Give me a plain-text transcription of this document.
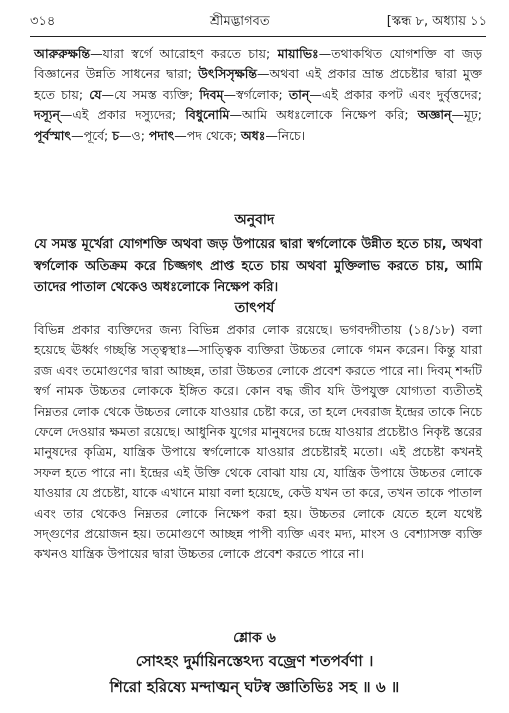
৩১৪	শ্রীমদ্ভাগবত	[স্কন্ধ ৮, অধ্যায় ১১

আরুরুক্ষন্তি—যারা স্বর্গে আরোহণ করতে চায়; মায়াভিঃ—তথাকথিত যোগশক্তি বা জড় বিজ্ঞানের উন্নতি সাধনের দ্বারা; উৎসিসৃক্ষন্তি—অথবা এই প্রকার ভ্রান্ত প্রচেষ্টার দ্বারা মুক্ত হতে চায়; যে—যে সমস্ত ব্যক্তি; দিবম্—স্বর্গলোক; তান্—এই প্রকার কপট এবং দুর্বৃত্তদের; দস্যূন্—এই প্রকার দস্যুদের; বিধুনোমি—আমি অধঃলোকে নিক্ষেপ করি; অজ্ঞান্—মূঢ়; পূর্বস্মাৎ—পূর্বে; চ—ও; পদাৎ—পদ থেকে; অধঃ—নিচে।

অনুবাদ

যে সমস্ত মূর্খেরা যোগশক্তি অথবা জড় উপায়ের দ্বারা স্বর্গলোকে উন্নীত হতে চায়, অথবা স্বর্গলোক অতিক্রম করে চিজ্জগৎ প্রাপ্ত হতে চায় অথবা মুক্তিলাভ করতে চায়, আমি তাদের পাতাল থেকেও অধঃলোকে নিক্ষেপ করি।

তাৎপর্য

বিভিন্ন প্রকার ব্যক্তিদের জন্য বিভিন্ন প্রকার লোক রয়েছে। ভগবদ্গীতায় (১৪/১৮) বলা হয়েছে ঊর্ধ্বং গচ্ছন্তি সত্ত্বস্থাঃ—সাত্ত্বিক ব্যক্তিরা উচ্চতর লোকে গমন করেন। কিন্তু যারা রজ এবং তমোগুণের দ্বারা আচ্ছন্ন, তারা উচ্চতর লোকে প্রবেশ করতে পারে না। দিবম্ শব্দটি স্বর্গ নামক উচ্চতর লোককে ইঙ্গিত করে। কোন বদ্ধ জীব যদি উপযুক্ত যোগ্যতা ব্যতীতই নিম্নতর লোক থেকে উচ্চতর লোকে যাওয়ার চেষ্টা করে, তা হলে দেবরাজ ইন্দ্রের তাকে নিচে ফেলে দেওয়ার ক্ষমতা রয়েছে। আধুনিক যুগের মানুষদের চন্দ্রে যাওয়ার প্রচেষ্টাও নিকৃষ্ট স্তরের মানুষদের কৃত্রিম, যান্ত্রিক উপায়ে স্বর্গলোকে যাওয়ার প্রচেষ্টারই মতো। এই প্রচেষ্টা কখনই সফল হতে পারে না। ইন্দ্রের এই উক্তি থেকে বোঝা যায় যে, যান্ত্রিক উপায়ে উচ্চতর লোকে যাওয়ার যে প্রচেষ্টা, যাকে এখানে মায়া বলা হয়েছে, কেউ যখন তা করে, তখন তাকে পাতাল এবং তার থেকেও নিম্নতর লোকে নিক্ষেপ করা হয়। উচ্চতর লোকে যেতে হলে যথেষ্ট সদ্গুণের প্রয়োজন হয়। তমোগুণে আচ্ছন্ন পাপী ব্যক্তি এবং মদ্য, মাংস ও বেশ্যাসক্ত ব্যক্তি কখনও যান্ত্রিক উপায়ের দ্বারা উচ্চতর লোকে প্রবেশ করতে পারে না।

শ্লোক ৬

সোঽহং দুর্মায়িনস্তেঽদ্য বজ্রেণ শতপর্বণা ।

শিরো হরিষ্যে মন্দাত্মন্ ঘটস্ব জ্ঞাতিভিঃ সহ ॥ ৬ ॥
